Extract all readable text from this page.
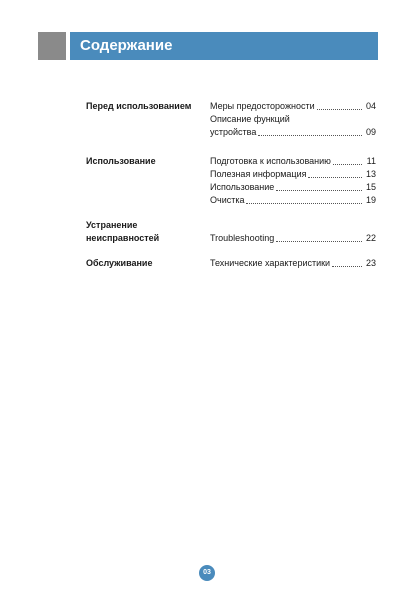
Содержание
Перед использованием	Меры предосторожности	04
Описание функций
устройства	09
Использование	Подготовка к использованию	11
Полезная информация	13
Использование	15
Очистка	19
Устранение
неисправностей
	Troubleshooting	22
Обслуживание	Технические характеристики	23
03
